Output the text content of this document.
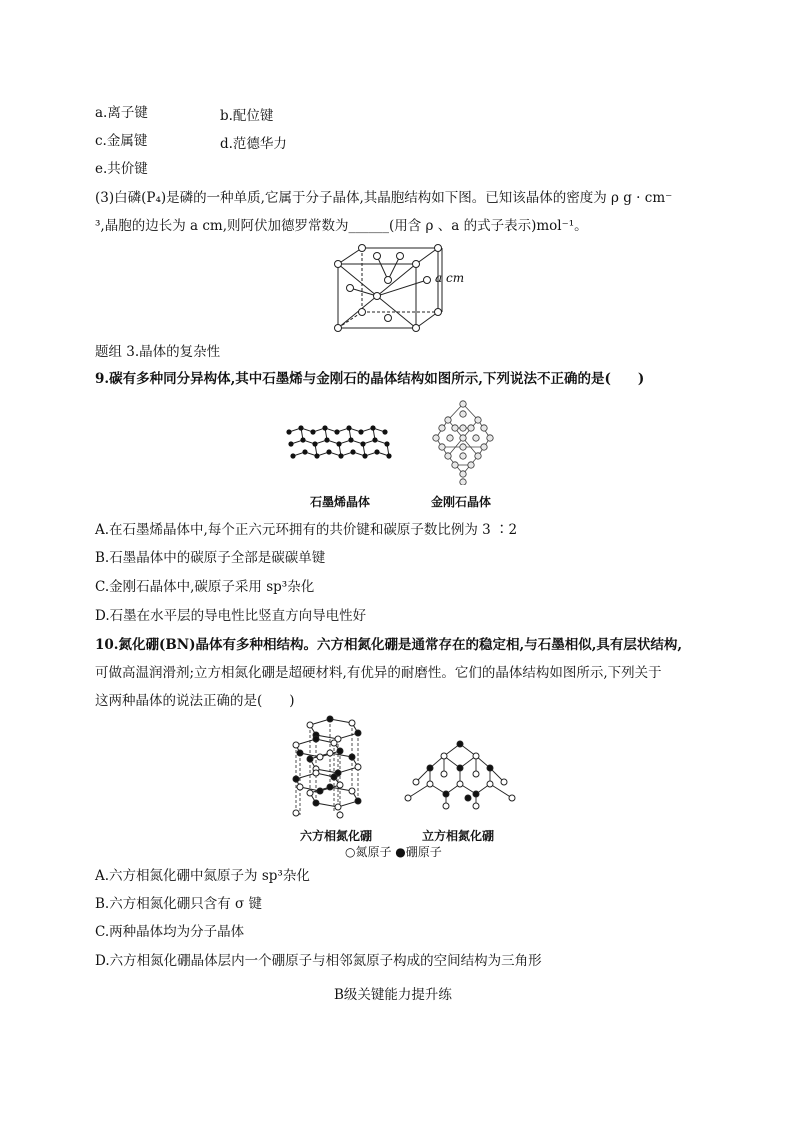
a.离子键	b.配位键
c.金属键	d.范德华力
e.共价键
(3)白磷(P₄)是磷的一种单质,它属于分子晶体,其晶胞结构如下图。已知该晶体的密度为 ρ g · cm⁻
³,晶胞的边长为 a cm,则阿伏加德罗常数为______(用含 ρ 、a 的式子表示)mol⁻¹。
a cm
题组 3.晶体的复杂性
9.碳有多种同分异构体,其中石墨烯与金刚石的晶体结构如图所示,下列说法不正确的是(　　)
石墨烯晶体	金刚石晶体
A.在石墨烯晶体中,每个正六元环拥有的共价键和碳原子数比例为 3 ∶2
B.石墨晶体中的碳原子全部是碳碳单键
C.金刚石晶体中,碳原子采用 sp³杂化
D.石墨在水平层的导电性比竖直方向导电性好
10.氮化硼(BN)晶体有多种相结构。六方相氮化硼是通常存在的稳定相,与石墨相似,具有层状结构,
可做高温润滑剂;立方相氮化硼是超硬材料,有优异的耐磨性。它们的晶体结构如图所示,下列关于
这两种晶体的说法正确的是(　　)
六方相氮化硼	立方相氮化硼
○氮原子 ●硼原子
A.六方相氮化硼中氮原子为 sp³杂化
B.六方相氮化硼只含有 σ 键
C.两种晶体均为分子晶体
D.六方相氮化硼晶体层内一个硼原子与相邻氮原子构成的空间结构为三角形
B级关键能力提升练
